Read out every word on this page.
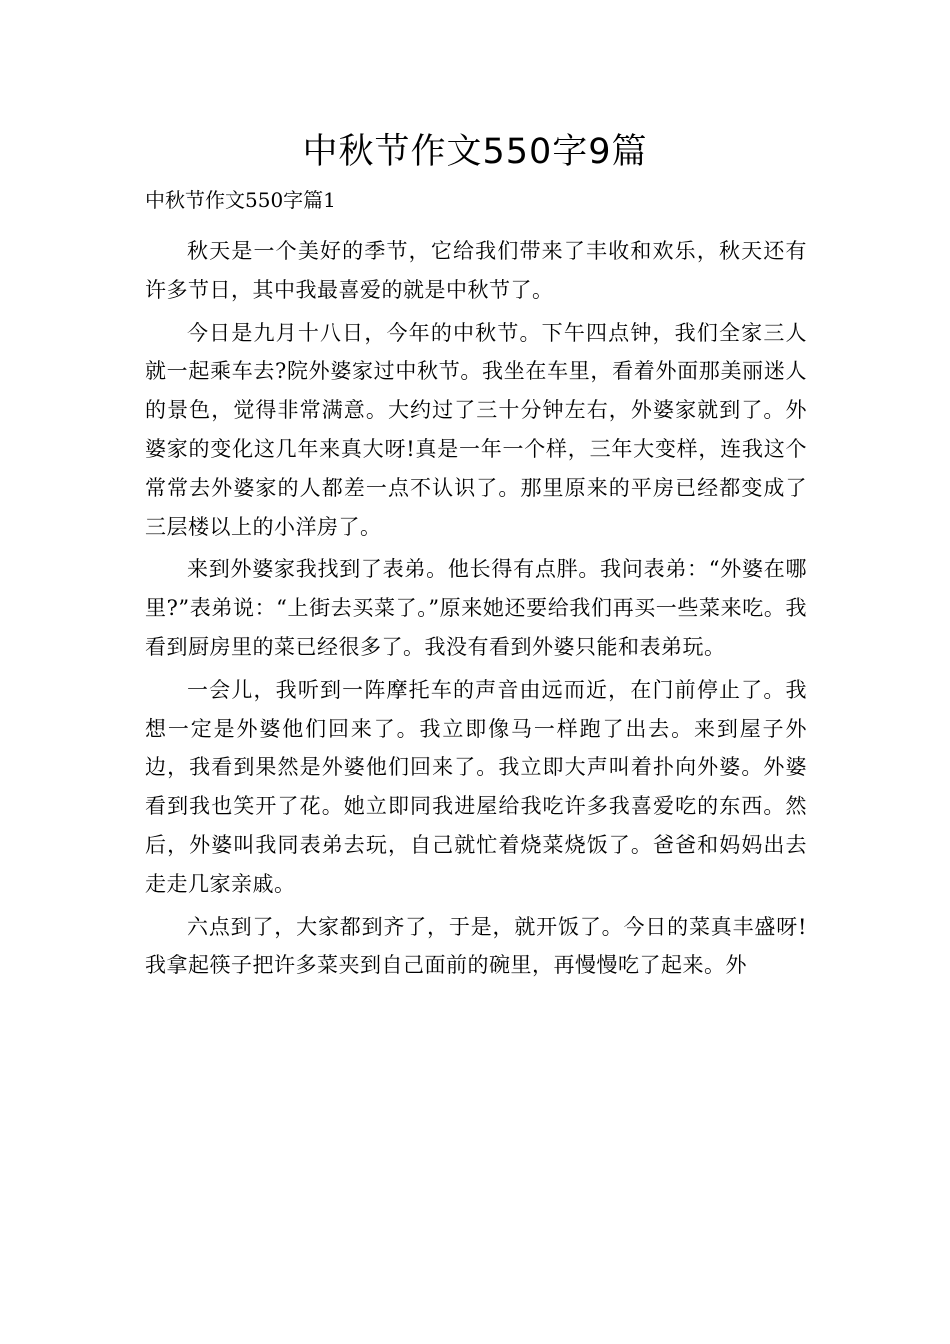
中秋节作文550字9篇
中秋节作文550字篇1

秋天是一个美好的季节，它给我们带来了丰收和欢乐，秋天还有许多节日，其中我最喜爱的就是中秋节了。

今日是九月十八日，今年的中秋节。下午四点钟，我们全家三人就一起乘车去?院外婆家过中秋节。我坐在车里，看着外面那美丽迷人的景色，觉得非常满意。大约过了三十分钟左右，外婆家就到了。外婆家的变化这几年来真大呀!真是一年一个样，三年大变样，连我这个常常去外婆家的人都差一点不认识了。那里原来的平房已经都变成了三层楼以上的小洋房了。

来到外婆家我找到了表弟。他长得有点胖。我问表弟：“外婆在哪里?”表弟说：“上街去买菜了。”原来她还要给我们再买一些菜来吃。我看到厨房里的菜已经很多了。我没有看到外婆只能和表弟玩。

一会儿，我听到一阵摩托车的声音由远而近，在门前停止了。我想一定是外婆他们回来了。我立即像马一样跑了出去。来到屋子外边，我看到果然是外婆他们回来了。我立即大声叫着扑向外婆。外婆看到我也笑开了花。她立即同我进屋给我吃许多我喜爱吃的东西。然后，外婆叫我同表弟去玩，自己就忙着烧菜烧饭了。爸爸和妈妈出去走走几家亲戚。

六点到了，大家都到齐了，于是，就开饭了。今日的菜真丰盛呀!我拿起筷子把许多菜夹到自己面前的碗里，再慢慢吃了起来。外
